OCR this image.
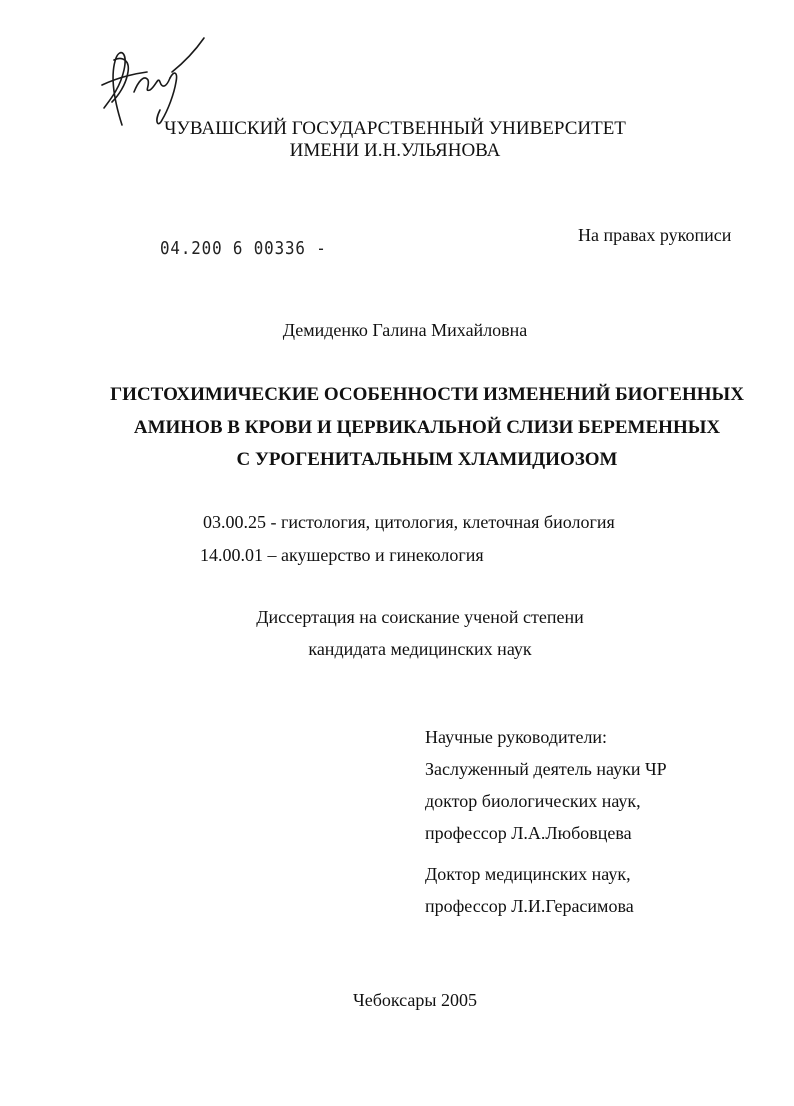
ЧУВАШСКИЙ ГОСУДАРСТВЕННЫЙ УНИВЕРСИТЕТ
ИМЕНИ И.Н.УЛЬЯНОВА
04.200 6 00336 -
На правах рукописи
Демиденко Галина Михайловна
ГИСТОХИМИЧЕСКИЕ ОСОБЕННОСТИ ИЗМЕНЕНИЙ БИОГЕННЫХ
АМИНОВ В КРОВИ И ЦЕРВИКАЛЬНОЙ СЛИЗИ БЕРЕМЕННЫХ
С УРОГЕНИТАЛЬНЫМ ХЛАМИДИОЗОМ
03.00.25 - гистология, цитология, клеточная биология
14.00.01 – акушерство и гинекология
Диссертация на соискание ученой степени
кандидата медицинских наук
Научные руководители:
Заслуженный деятель науки ЧР
доктор биологических наук,
профессор Л.А.Любовцева
Доктор медицинских наук,
профессор Л.И.Герасимова
Чебоксары 2005
